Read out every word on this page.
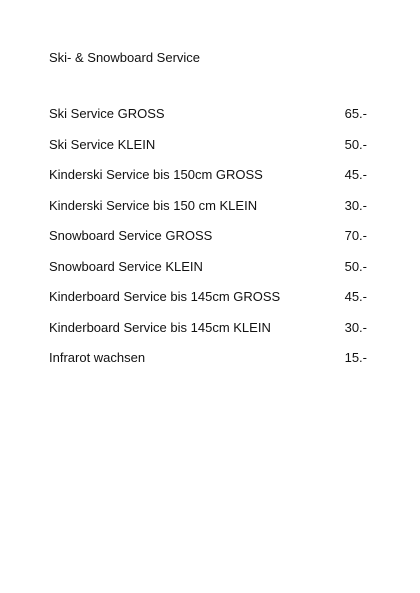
Ski- & Snowboard Service
Ski Service GROSS	65.-
Ski Service KLEIN	50.-
Kinderski Service bis 150cm GROSS	45.-
Kinderski Service bis 150 cm KLEIN	30.-
Snowboard Service GROSS	70.-
Snowboard Service KLEIN	50.-
Kinderboard Service bis 145cm GROSS	45.-
Kinderboard Service bis 145cm KLEIN	30.-
Infrarot wachsen	15.-
